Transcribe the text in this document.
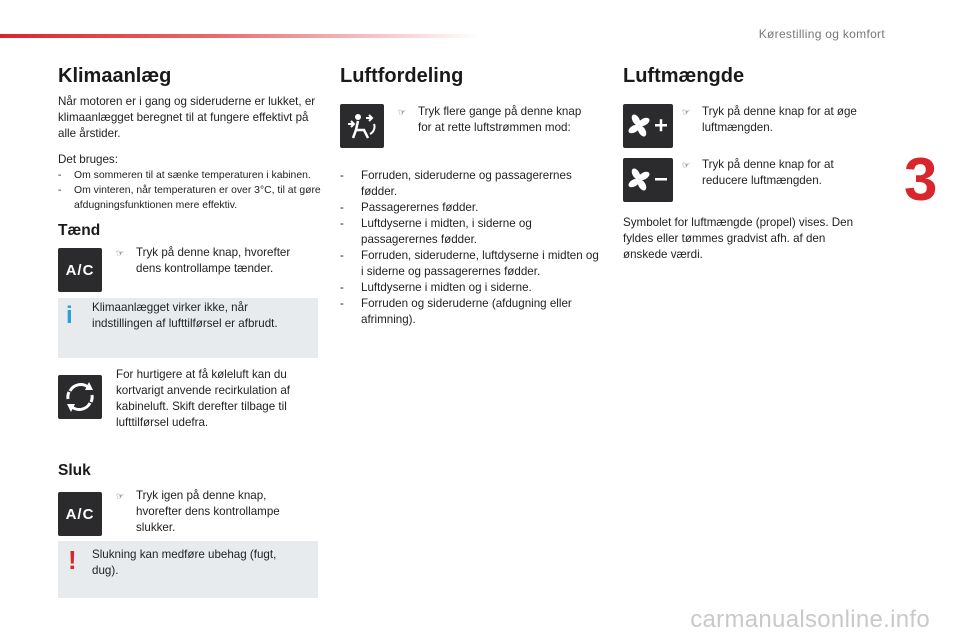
Kørestilling og komfort
3
carmanualsonline.info
Klimaanlæg

Når motoren er i gang og sideruderne er lukket, er klimaanlægget beregnet til at fungere effektivt på alle årstider.

Det bruges:

- Om sommeren til at sænke temperaturen i kabinen.
- Om vinteren, når temperaturen er over 3°C, til at gøre afdugningsfunktionen mere effektiv.
Tænd
A/C
☞	Tryk på denne knap, hvorefter dens kontrollampe tænder.
i Klimaanlægget virker ikke, når indstillingen af lufttilførsel er afbrudt.

For hurtigere at få køleluft kan du kortvarigt anvende recirkulation af kabineluft. Skift derefter tilbage til lufttilførsel udefra.

Sluk
A/C
☞	Tryk igen på denne knap, hvorefter dens kontrollampe slukker.
! Slukning kan medføre ubehag (fugt, dug).

Luftfordeling
☞	Tryk flere gange på denne knap for at rette luftstrømmen mod:
- Forruden, sideruderne og passagerernes fødder.
- Passagerernes fødder.
- Luftdyserne i midten, i siderne og passagerernes fødder.
- Forruden, sideruderne, luftdyserne i midten og i siderne og passagerernes fødder.
- Luftdyserne i midten og i siderne.
- Forruden og sideruderne (afdugning eller afrimning).
Luftmængde
☞	Tryk på denne knap for at øge luftmængden.
☞	Tryk på denne knap for at reducere luftmængden.

Symbolet for luftmængde (propel) vises. Den fyldes eller tømmes gradvist afh. af den ønskede værdi.
